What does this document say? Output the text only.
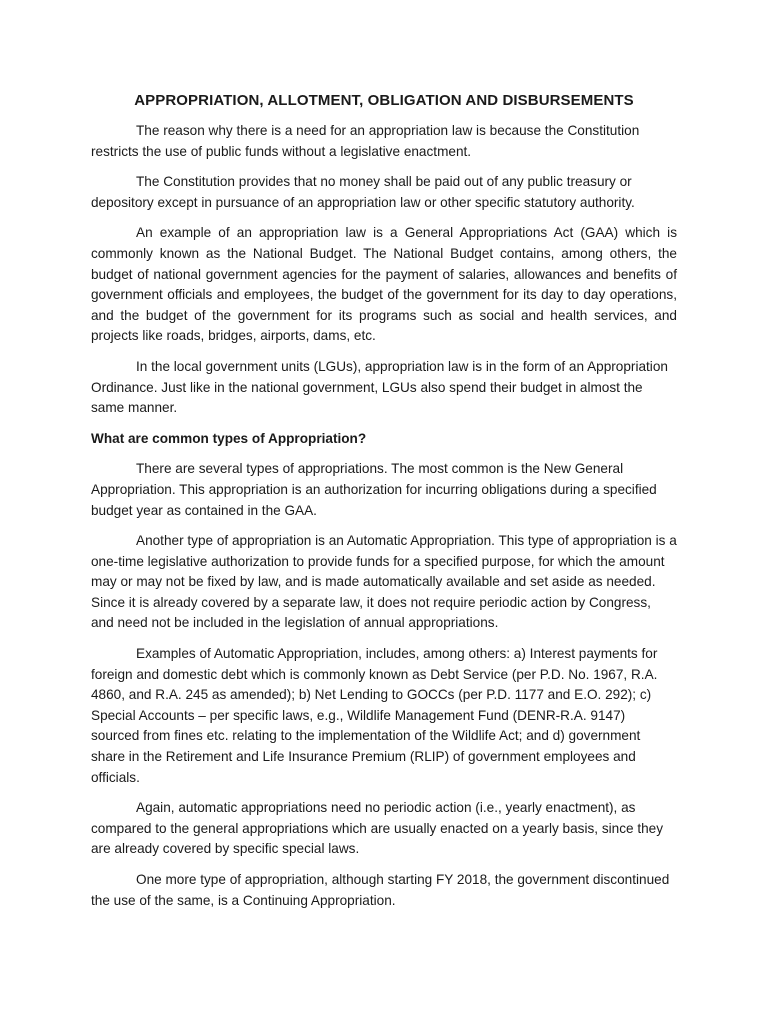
APPROPRIATION, ALLOTMENT, OBLIGATION AND DISBURSEMENTS

The reason why there is a need for an appropriation law is because the Constitution restricts the use of public funds without a legislative enactment.

The Constitution provides that no money shall be paid out of any public treasury or depository except in pursuance of an appropriation law or other specific statutory authority.

An example of an appropriation law is a General Appropriations Act (GAA) which is commonly known as the National Budget. The National Budget contains, among others, the budget of national government agencies for the payment of salaries, allowances and benefits of government officials and employees, the budget of the government for its day to day operations, and the budget of the government for its programs such as social and health services, and projects like roads, bridges, airports, dams, etc.

In the local government units (LGUs), appropriation law is in the form of an Appropriation Ordinance. Just like in the national government, LGUs also spend their budget in almost the same manner.

What are common types of Appropriation?

There are several types of appropriations. The most common is the New General Appropriation. This appropriation is an authorization for incurring obligations during a specified budget year as contained in the GAA.

Another type of appropriation is an Automatic Appropriation. This type of appropriation is a one-time legislative authorization to provide funds for a specified purpose, for which the amount may or may not be fixed by law, and is made automatically available and set aside as needed. Since it is already covered by a separate law, it does not require periodic action by Congress, and need not be included in the legislation of annual appropriations.

Examples of Automatic Appropriation, includes, among others: a) Interest payments for foreign and domestic debt which is commonly known as Debt Service (per P.D. No. 1967, R.A. 4860, and R.A. 245 as amended); b) Net Lending to GOCCs (per P.D. 1177 and E.O. 292); c) Special Accounts – per specific laws, e.g., Wildlife Management Fund (DENR-R.A. 9147) sourced from fines etc. relating to the implementation of the Wildlife Act; and d) government share in the Retirement and Life Insurance Premium (RLIP) of government employees and officials.

Again, automatic appropriations need no periodic action (i.e., yearly enactment), as compared to the general appropriations which are usually enacted on a yearly basis, since they are already covered by specific special laws.

One more type of appropriation, although starting FY 2018, the government discontinued the use of the same, is a Continuing Appropriation.
